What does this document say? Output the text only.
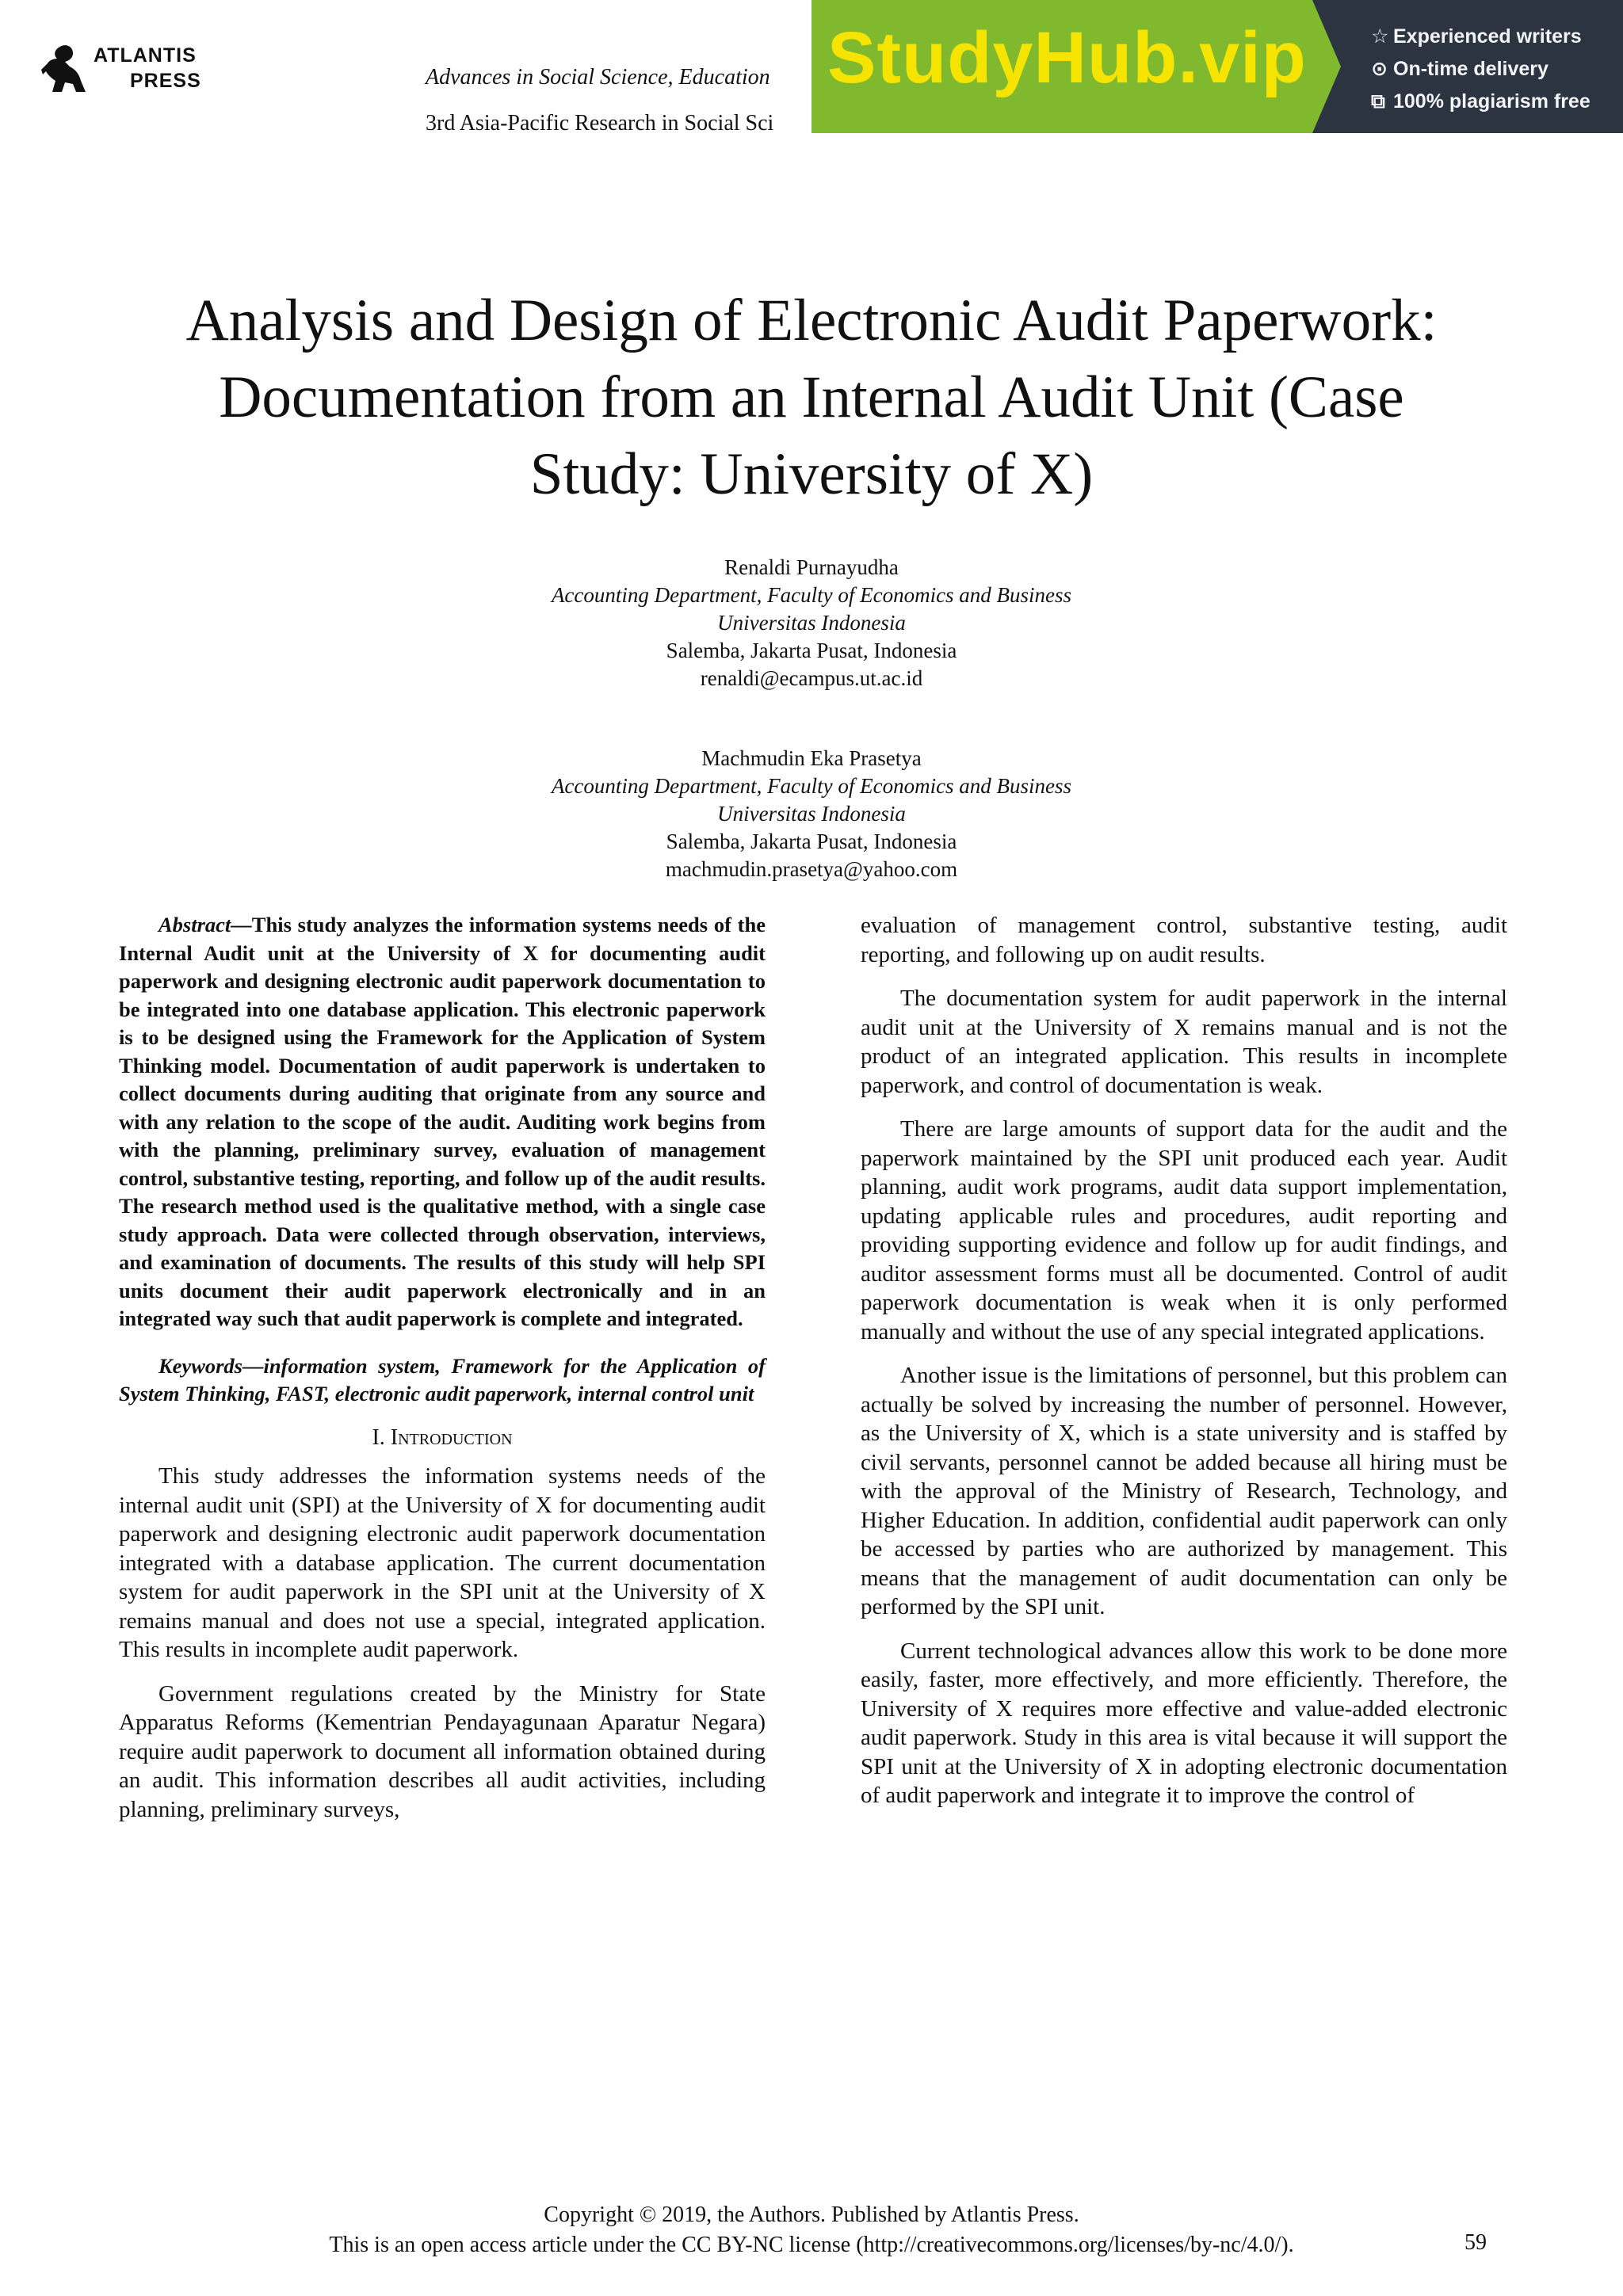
ATLANTIS
PRESS	Advances in Social Science, Education
3rd Asia-Pacific Research in Social Sci
StudyHub.vip	☆ Experienced writers
⊙ On-time delivery
⧉ 100% plagiarism free
Analysis and Design of Electronic Audit Paperwork:
Documentation from an Internal Audit Unit (Case
Study: University of X)
Renaldi Purnayudha
Accounting Department, Faculty of Economics and Business
Universitas Indonesia
Salemba, Jakarta Pusat, Indonesia
renaldi@ecampus.ut.ac.id
Machmudin Eka Prasetya
Accounting Department, Faculty of Economics and Business
Universitas Indonesia
Salemba, Jakarta Pusat, Indonesia
machmudin.prasetya@yahoo.com

Abstract—This study analyzes the information systems needs of the Internal Audit unit at the University of X for documenting audit paperwork and designing electronic audit paperwork documentation to be integrated into one database application. This electronic paperwork is to be designed using the Framework for the Application of System Thinking model. Documentation of audit paperwork is undertaken to collect documents during auditing that originate from any source and with any relation to the scope of the audit. Auditing work begins from with the planning, preliminary survey, evaluation of management control, substantive testing, reporting, and follow up of the audit results. The research method used is the qualitative method, with a single case study approach. Data were collected through observation, interviews, and examination of documents. The results of this study will help SPI units document their audit paperwork electronically and in an integrated way such that audit paperwork is complete and integrated.

Keywords—information system, Framework for the Application of System Thinking, FAST, electronic audit paperwork, internal control unit

I. Introduction

This study addresses the information systems needs of the internal audit unit (SPI) at the University of X for documenting audit paperwork and designing electronic audit paperwork documentation integrated with a database application. The current documentation system for audit paperwork in the SPI unit at the University of X remains manual and does not use a special, integrated application. This results in incomplete audit paperwork.

Government regulations created by the Ministry for State Apparatus Reforms (Kementrian Pendayagunaan Aparatur Negara) require audit paperwork to document all information obtained during an audit. This information describes all audit activities, including planning, preliminary surveys,

evaluation of management control, substantive testing, audit reporting, and following up on audit results.

The documentation system for audit paperwork in the internal audit unit at the University of X remains manual and is not the product of an integrated application. This results in incomplete paperwork, and control of documentation is weak.

There are large amounts of support data for the audit and the paperwork maintained by the SPI unit produced each year. Audit planning, audit work programs, audit data support implementation, updating applicable rules and procedures, audit reporting and providing supporting evidence and follow up for audit findings, and auditor assessment forms must all be documented. Control of audit paperwork documentation is weak when it is only performed manually and without the use of any special integrated applications.

Another issue is the limitations of personnel, but this problem can actually be solved by increasing the number of personnel. However, as the University of X, which is a state university and is staffed by civil servants, personnel cannot be added because all hiring must be with the approval of the Ministry of Research, Technology, and Higher Education. In addition, confidential audit paperwork can only be accessed by parties who are authorized by management. This means that the management of audit documentation can only be performed by the SPI unit.

Current technological advances allow this work to be done more easily, faster, more effectively, and more efficiently. Therefore, the University of X requires more effective and value-added electronic audit paperwork. Study in this area is vital because it will support the SPI unit at the University of X in adopting electronic documentation of audit paperwork and integrate it to improve the control of

Copyright © 2019, the Authors. Published by Atlantis Press.
This is an open access article under the CC BY-NC license (http://creativecommons.org/licenses/by-nc/4.0/).	59
